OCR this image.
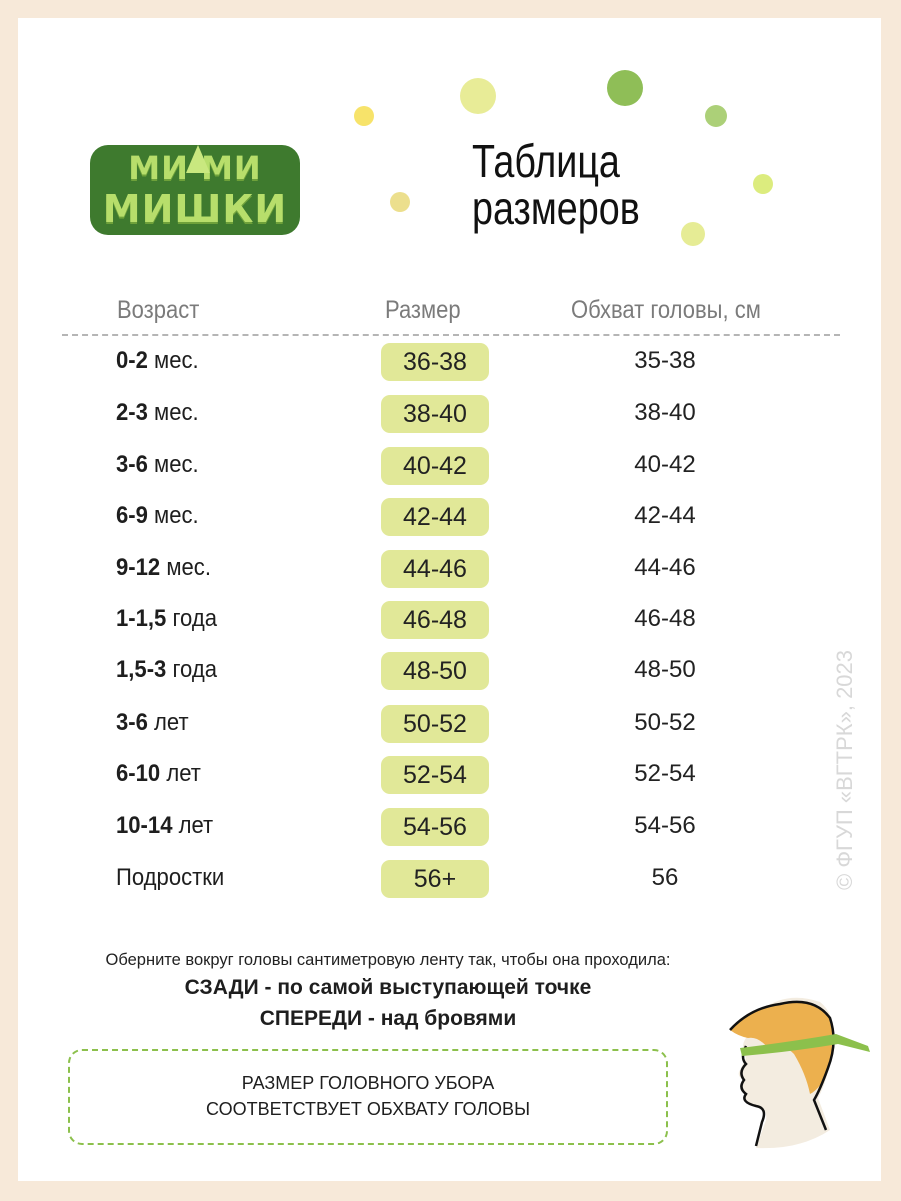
МИ МИ
МИШКИ
Таблица
размеров
Возраст	Размер	Обхват головы, см
0-2 мес.	36-38	35-38
2-3 мес.	38-40	38-40
3-6 мес.	40-42	40-42
6-9 мес.	42-44	42-44
9-12 мес.	44-46	44-46
1-1,5 года	46-48	46-48
1,5-3 года	48-50	48-50
3-6 лет	50-52	50-52
6-10 лет	52-54	52-54
10-14 лет	54-56	54-56
Подростки	56+	56	© ФГУП «ВГТРК», 2023
Оберните вокруг головы сантиметровую ленту так, чтобы она проходила:
СЗАДИ - по самой выступающей точке
СПЕРЕДИ - над бровями
РАЗМЕР ГОЛОВНОГО УБОРА
СООТВЕТСТВУЕТ ОБХВАТУ ГОЛОВЫ
